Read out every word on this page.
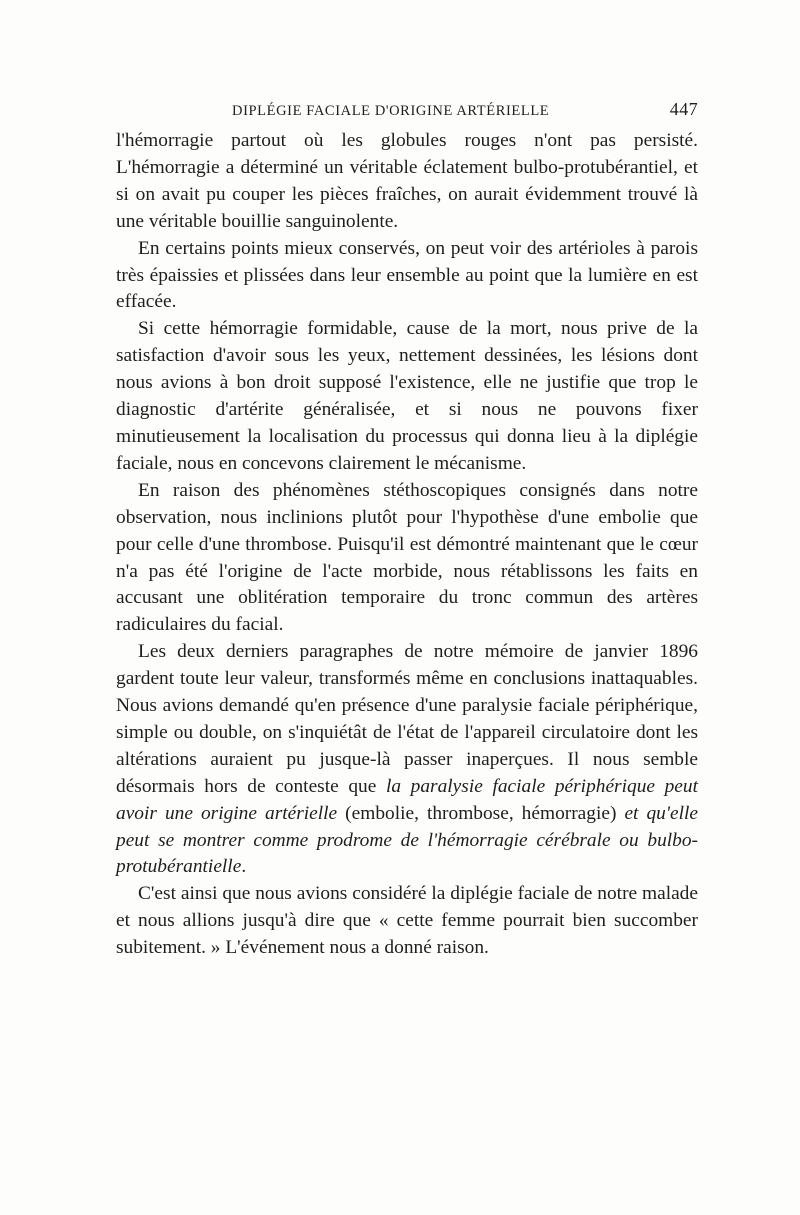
DIPLÉGIE FACIALE D'ORIGINE ARTÉRIELLE	447

l'hémorragie partout où les globules rouges n'ont pas persisté. L'hémorragie a déterminé un véritable éclatement bulbo-protubérantiel, et si on avait pu couper les pièces fraîches, on aurait évidemment trouvé là une véritable bouillie sanguinolente.

En certains points mieux conservés, on peut voir des artérioles à parois très épaissies et plissées dans leur ensemble au point que la lumière en est effacée.

Si cette hémorragie formidable, cause de la mort, nous prive de la satisfaction d'avoir sous les yeux, nettement dessinées, les lésions dont nous avions à bon droit supposé l'existence, elle ne justifie que trop le diagnostic d'artérite généralisée, et si nous ne pouvons fixer minutieusement la localisation du processus qui donna lieu à la diplégie faciale, nous en concevons clairement le mécanisme.

En raison des phénomènes stéthoscopiques consignés dans notre observation, nous inclinions plutôt pour l'hypothèse d'une embolie que pour celle d'une thrombose. Puisqu'il est démontré maintenant que le cœur n'a pas été l'origine de l'acte morbide, nous rétablissons les faits en accusant une oblitération temporaire du tronc commun des artères radiculaires du facial.

Les deux derniers paragraphes de notre mémoire de janvier 1896 gardent toute leur valeur, transformés même en conclusions inattaquables. Nous avions demandé qu'en présence d'une paralysie faciale périphérique, simple ou double, on s'inquiétât de l'état de l'appareil circulatoire dont les altérations auraient pu jusque-là passer inaperçues. Il nous semble désormais hors de conteste que la paralysie faciale périphérique peut avoir une origine artérielle (embolie, thrombose, hémorragie) et qu'elle peut se montrer comme prodrome de l'hémorragie cérébrale ou bulbo-protubérantielle.

C'est ainsi que nous avions considéré la diplégie faciale de notre malade et nous allions jusqu'à dire que « cette femme pourrait bien succomber subitement. » L'événement nous a donné raison.
